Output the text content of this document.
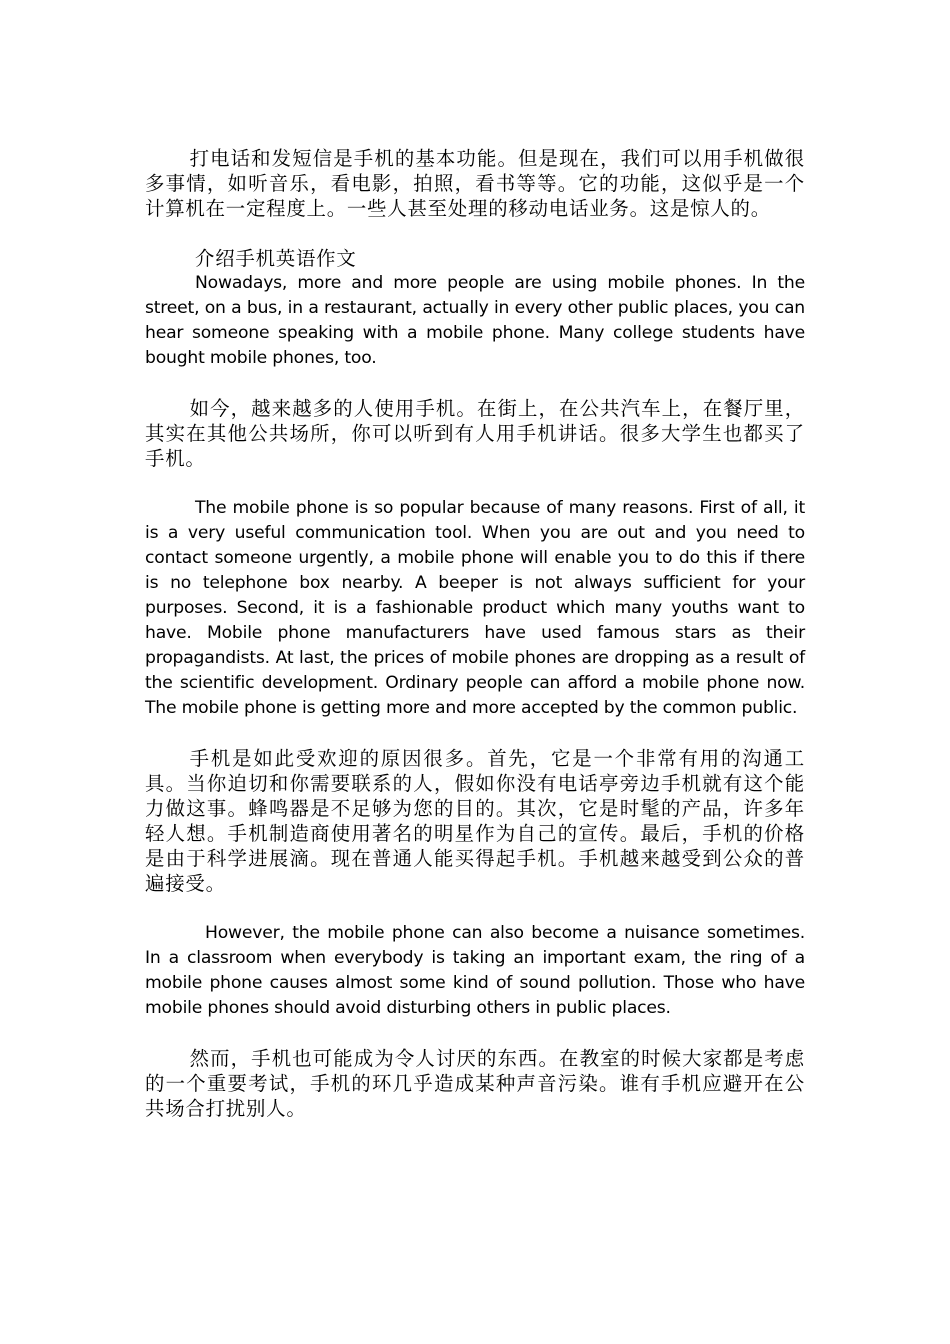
打电话和发短信是手机的基本功能。但是现在，我们可以用手机做很多事情，如听音乐，看电影，拍照，看书等等。它的功能，这似乎是一个计算机在一定程度上。一些人甚至处理的移动电话业务。这是惊人的。

介绍手机英语作文

Nowadays, more and more people are using mobile phones. In the street, on a bus, in a restaurant, actually in every other public places, you can hear someone speaking with a mobile phone. Many college students have bought mobile phones, too.

如今，越来越多的人使用手机。在街上，在公共汽车上，在餐厅里，其实在其他公共场所，你可以听到有人用手机讲话。很多大学生也都买了手机。

The mobile phone is so popular because of many reasons. First of all, it is a very useful communication tool. When you are out and you need to contact someone urgently, a mobile phone will enable you to do this if there is no telephone box nearby. A beeper is not always sufficient for your purposes. Second, it is a fashionable product which many youths want to have. Mobile phone manufacturers have used famous stars as their propagandists. At last, the prices of mobile phones are dropping as a result of the scientific development. Ordinary people can afford a mobile phone now. The mobile phone is getting more and more accepted by the common public.

手机是如此受欢迎的原因很多。首先，它是一个非常有用的沟通工具。当你迫切和你需要联系的人，假如你没有电话亭旁边手机就有这个能力做这事。蜂鸣器是不足够为您的目的。其次，它是时髦的产品，许多年轻人想。手机制造商使用著名的明星作为自己的宣传。最后，手机的价格是由于科学进展滴。现在普通人能买得起手机。手机越来越受到公众的普遍接受。

However, the mobile phone can also become a nuisance sometimes. In a classroom when everybody is taking an important exam, the ring of a mobile phone causes almost some kind of sound pollution. Those who have mobile phones should avoid disturbing others in public places.

然而，手机也可能成为令人讨厌的东西。在教室的时候大家都是考虑的一个重要考试，手机的环几乎造成某种声音污染。谁有手机应避开在公共场合打扰别人。
